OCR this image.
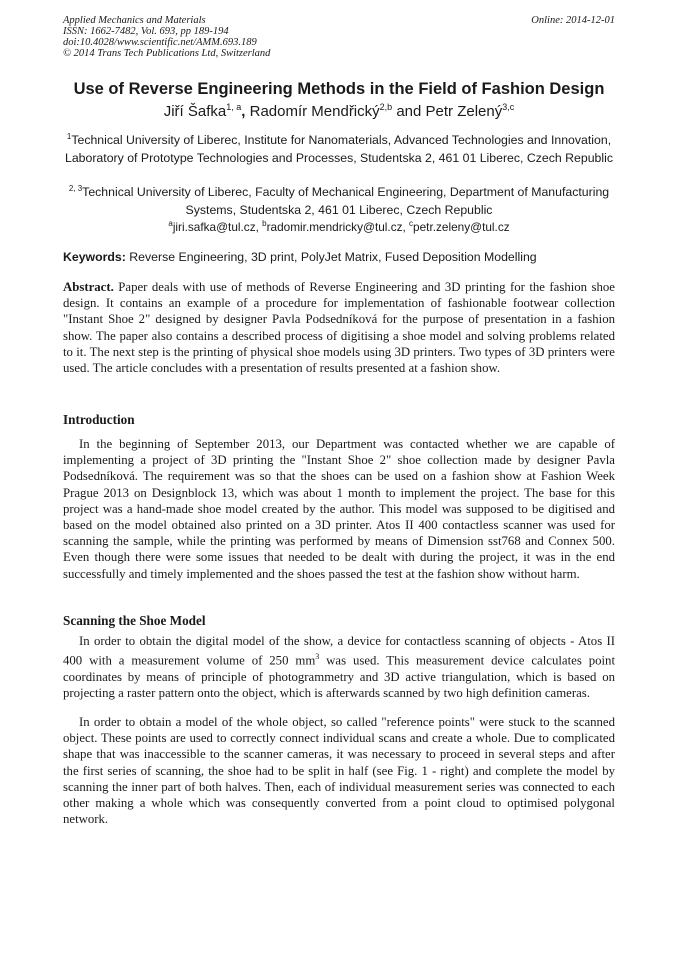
Applied Mechanics and Materials
ISSN: 1662-7482, Vol. 693, pp 189-194
doi:10.4028/www.scientific.net/AMM.693.189
© 2014 Trans Tech Publications Ltd, Switzerland
Online: 2014-12-01
Use of Reverse Engineering Methods in the Field of Fashion Design
Jiří Šafka$^{1, a}$, Radomír Mendřický$^{2,b}$ and Petr Zelený$^{3,c}$
$^1$Technical University of Liberec, Institute for Nanomaterials, Advanced Technologies and Innovation, Laboratory of Prototype Technologies and Processes, Studentska 2, 461 01 Liberec, Czech Republic
$^{2, 3}$Technical University of Liberec, Faculty of Mechanical Engineering, Department of Manufacturing Systems, Studentska 2, 461 01 Liberec, Czech Republic
$^a$jiri.safka@tul.cz, $^b$radomir.mendricky@tul.cz, $^c$petr.zeleny@tul.cz
Keywords: Reverse Engineering, 3D print, PolyJet Matrix, Fused Deposition Modelling

Abstract. Paper deals with use of methods of Reverse Engineering and 3D printing for the fashion shoe design. It contains an example of a procedure for implementation of fashionable footwear collection "Instant Shoe 2" designed by designer Pavla Podsedníková for the purpose of presentation in a fashion show. The paper also contains a described process of digitising a shoe model and solving problems related to it. The next step is the printing of physical shoe models using 3D printers. Two types of 3D printers were used. The article concludes with a presentation of results presented at a fashion show.

Introduction

In the beginning of September 2013, our Department was contacted whether we are capable of implementing a project of 3D printing the "Instant Shoe 2" shoe collection made by designer Pavla Podsedníková. The requirement was so that the shoes can be used on a fashion show at Fashion Week Prague 2013 on Designblock 13, which was about 1 month to implement the project. The base for this project was a hand-made shoe model created by the author. This model was supposed to be digitised and based on the model obtained also printed on a 3D printer. Atos II 400 contactless scanner was used for scanning the sample, while the printing was performed by means of Dimension sst768 and Connex 500. Even though there were some issues that needed to be dealt with during the project, it was in the end successfully and timely implemented and the shoes passed the test at the fashion show without harm.

Scanning the Shoe Model

In order to obtain the digital model of the show, a device for contactless scanning of objects - Atos II 400 with a measurement volume of 250 $mm^3$ was used. This measurement device calculates point coordinates by means of principle of photogrammetry and 3D active triangulation, which is based on projecting a raster pattern onto the object, which is afterwards scanned by two high definition cameras.

In order to obtain a model of the whole object, so called "reference points" were stuck to the scanned object. These points are used to correctly connect individual scans and create a whole. Due to complicated shape that was inaccessible to the scanner cameras, it was necessary to proceed in several steps and after the first series of scanning, the shoe had to be split in half (see Fig. 1 - right) and complete the model by scanning the inner part of both halves. Then, each of individual measurement series was connected to each other making a whole which was consequently converted from a point cloud to optimised polygonal network.
